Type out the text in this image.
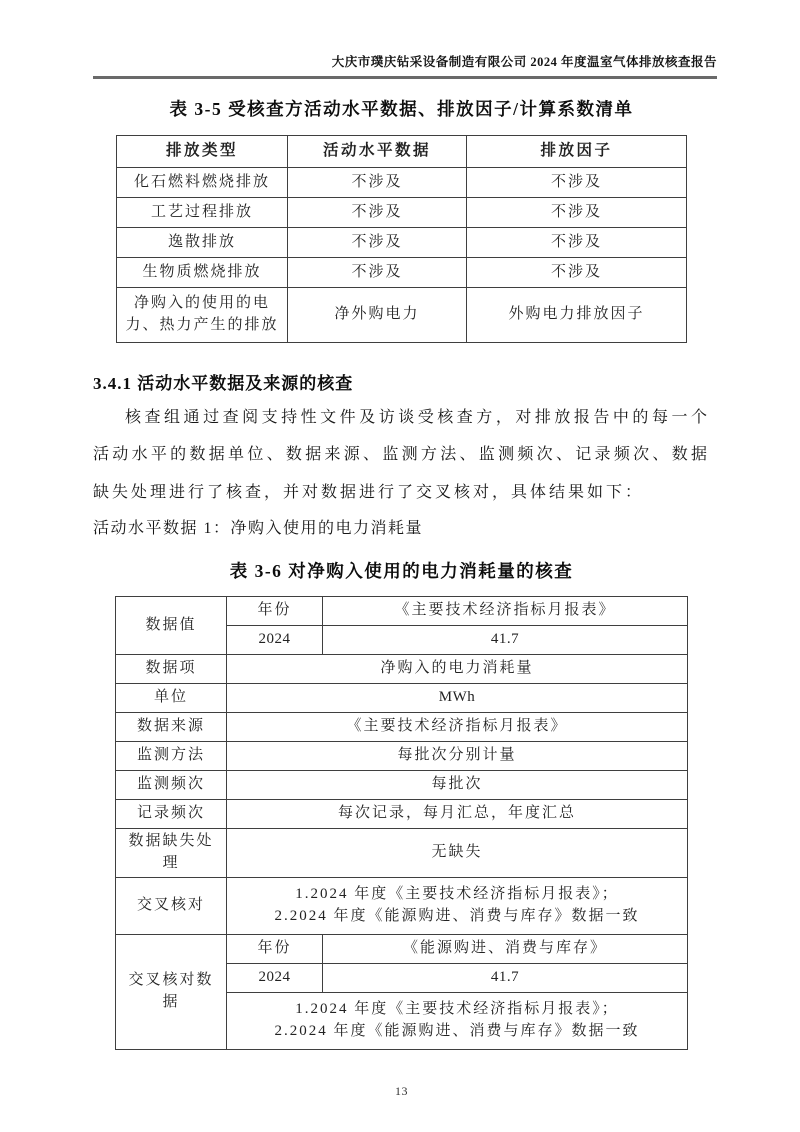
大庆市璞庆钻采设备制造有限公司 2024 年度温室气体排放核查报告
表 3-5 受核查方活动水平数据、排放因子/计算系数清单
排放类型	活动水平数据	排放因子
化石燃料燃烧排放	不涉及	不涉及
工艺过程排放	不涉及	不涉及
逸散排放	不涉及	不涉及
生物质燃烧排放	不涉及	不涉及
净购入的使用的电力、热力产生的排放	净外购电力	外购电力排放因子
3.4.1 活动水平数据及来源的核查

核查组通过查阅支持性文件及访谈受核查方，对排放报告中的每一个活动水平的数据单位、数据来源、监测方法、监测频次、记录频次、数据缺失处理进行了核查，并对数据进行了交叉核对，具体结果如下：

活动水平数据 1：净购入使用的电力消耗量

表 3-6 对净购入使用的电力消耗量的核查
数据值	年份	《主要技术经济指标月报表》
	2024	41.7
数据项	净购入的电力消耗量	
单位	MWh	
数据来源	《主要技术经济指标月报表》	
监测方法	每批次分别计量	
监测频次	每批次	
记录频次	每次记录，每月汇总，年度汇总	
数据缺失处理	无缺失	
交叉核对	1.2024 年度《主要技术经济指标月报表》；
2.2024 年度《能源购进、消费与库存》数据一致	

交叉核对数据	年份	《能源购进、消费与库存》
	2024	41.7

	1.2024 年度《主要技术经济指标月报表》；
2.2024 年度《能源购进、消费与库存》数据一致	
13
